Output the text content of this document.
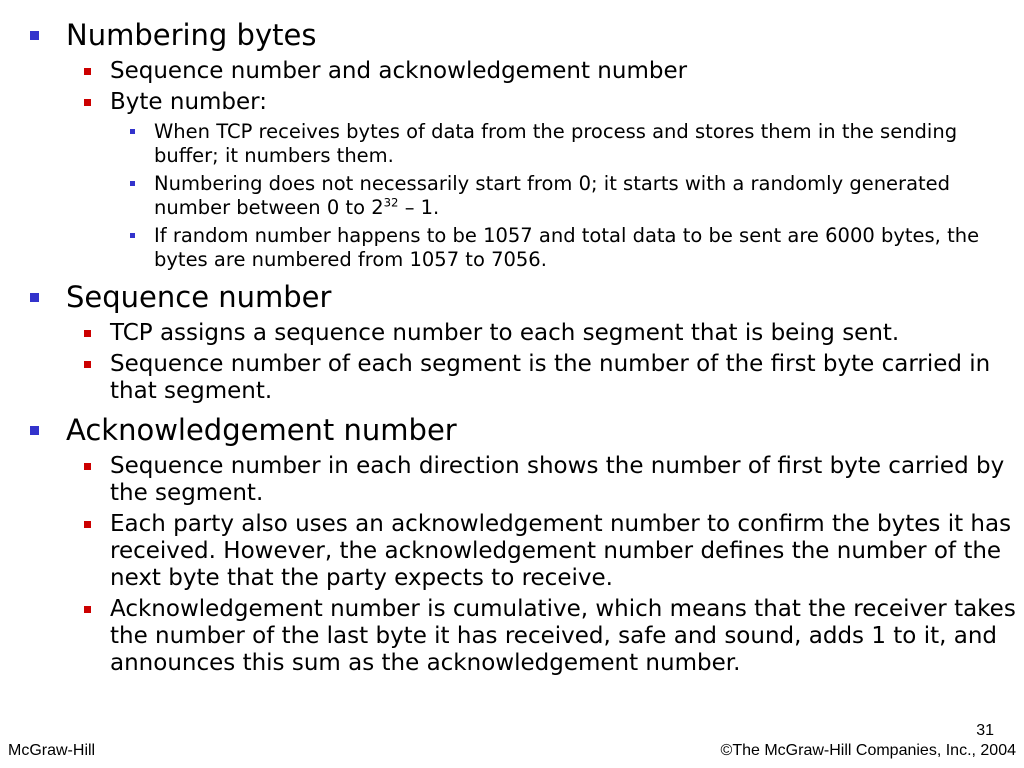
Numbering bytes
Sequence number and acknowledgement number
Byte number:
When TCP receives bytes of data from the process and stores them in the sending buffer; it numbers them.
Numbering does not necessarily start from 0; it starts with a randomly generated number between 0 to $2^{32} - 1$.
If random number happens to be 1057 and total data to be sent are 6000 bytes, the bytes are numbered from 1057 to 7056.
Sequence number
TCP assigns a sequence number to each segment that is being sent.
Sequence number of each segment is the number of the first byte carried in that segment.
Acknowledgement number
Sequence number in each direction shows the number of first byte carried by the segment.
Each party also uses an acknowledgement number to confirm the bytes it has received. However, the acknowledgement number defines the number of the next byte that the party expects to receive.
Acknowledgement number is cumulative, which means that the receiver takes the number of the last byte it has received, safe and sound, adds 1 to it, and announces this sum as the acknowledgement number.
31
McGraw-Hill	©The McGraw-Hill Companies, Inc., 2004
